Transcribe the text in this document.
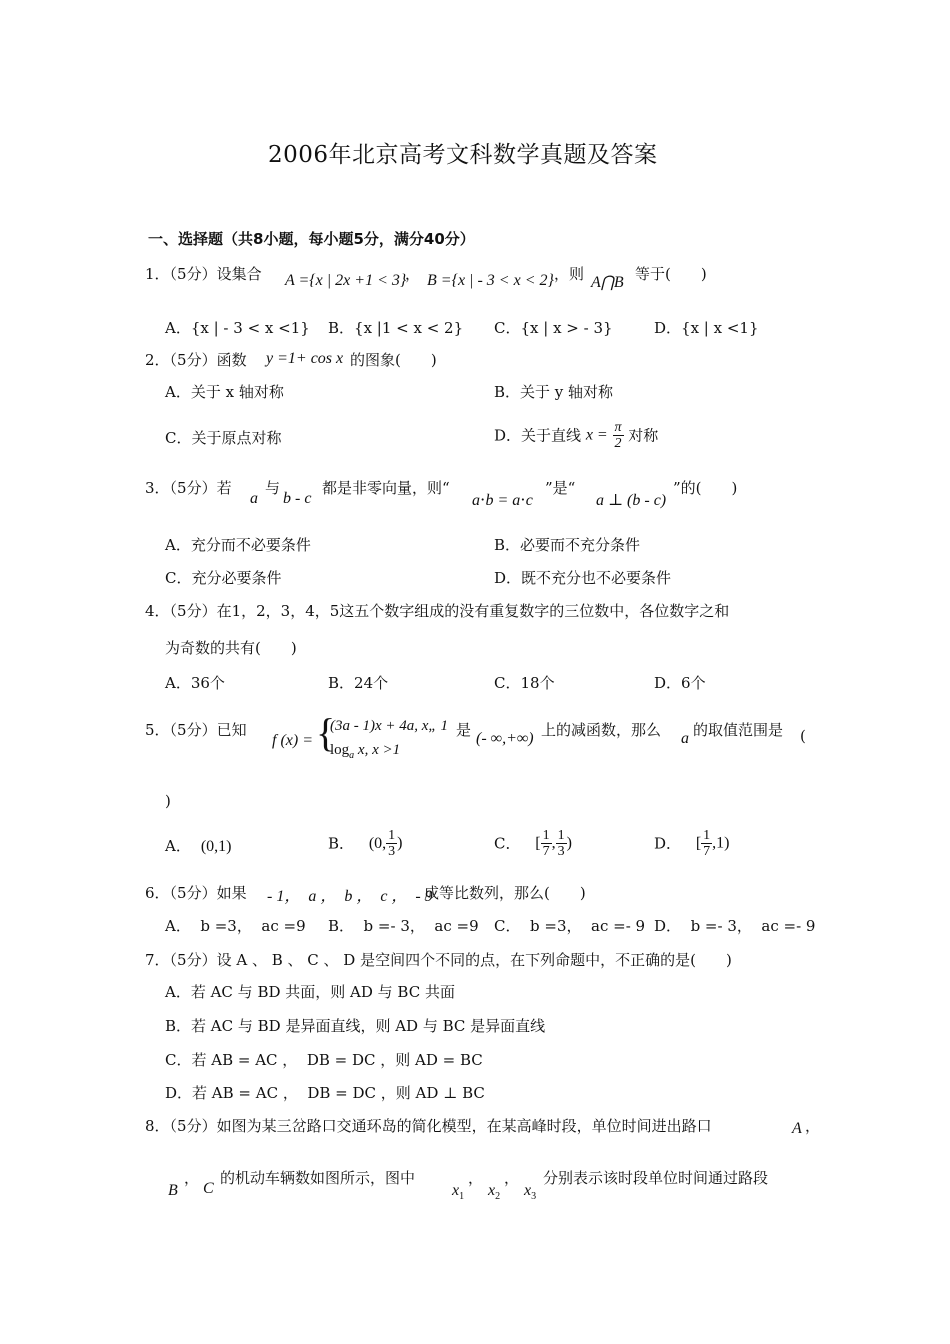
2006年北京高考文科数学真题及答案
一、选择题（共8小题，每小题5分，满分40分）
1．（5分）设集合 A ={x | 2x +1 < 3}
， B ={x | - 3 < x < 2} ，则 A⋂B 等于(　　)
A．{x | - 3 < x <1} B．{x |1 < x < 2} C．{x | x > - 3}	D．{x | x <1}
2．（5分）函数 y =1+ cos x 的图象(　　)
A．关于 x 轴对称	B．关于 y 轴对称
C．关于原点对称	D．关于直线 $x = \frac{\pi}{2}$ 对称
3．（5分）若
a
与
b - c
都是非零向量，则“
a⋅b = a⋅c
”是“
a ⊥ (b - c)
”的(　　)
A．充分而不必要条件	B．必要而不充分条件
C．充分必要条件	D．既不充分也不必要条件
4．（5分）在1，2，3，4，5这五个数字组成的没有重复数字的三位数中，各位数字之和
为奇数的共有(　　)
A．36个	B．24个	C．18个	D．6个
5．（5分）已知
f (x) = {
(3a - 1)x + 4a, x„ 1
$\log_a x$, x >1
是 (- ∞,+∞) 上的减函数，那么 a 的取值范围是 (
)
A． (0,1)	B． (0, $\frac{1}{3}$ )	C． [ $\frac{1}{7}$ , $\frac{1}{3}$ )	D． [ $\frac{1}{7} ,1$)
6．（5分）如果 - 1，  a ，  b ，  c ，  - 9
成等比数列，那么(　　)
A．  b =3，  ac =9 B．  b =- 3，  ac =9 C．  b =3，  ac =- 9 D．  b =- 3，  ac =- 9
7．（5分）设 A 、 B 、 C 、 D 是空间四个不同的点，在下列命题中，不正确的是(　　)
A．若 AC 与 BD 共面，则 AD 与 BC 共面
B．若 AC 与 BD 是异面直线，则 AD 与 BC 是异面直线
C．若 AB = AC ，  DB = DC ，则 AD = BC
D．若 AB = AC ，  DB = DC ，则 AD ⊥ BC
8．（5分）如图为某三岔路口交通环岛的简化模型，在某高峰时段，单位时间进出路口	A ，
B
，
C
的机动车辆数如图所示，图中
$x_1$
，
$x_2$
，
$x_3$
分别表示该时段单位时间通过路段
